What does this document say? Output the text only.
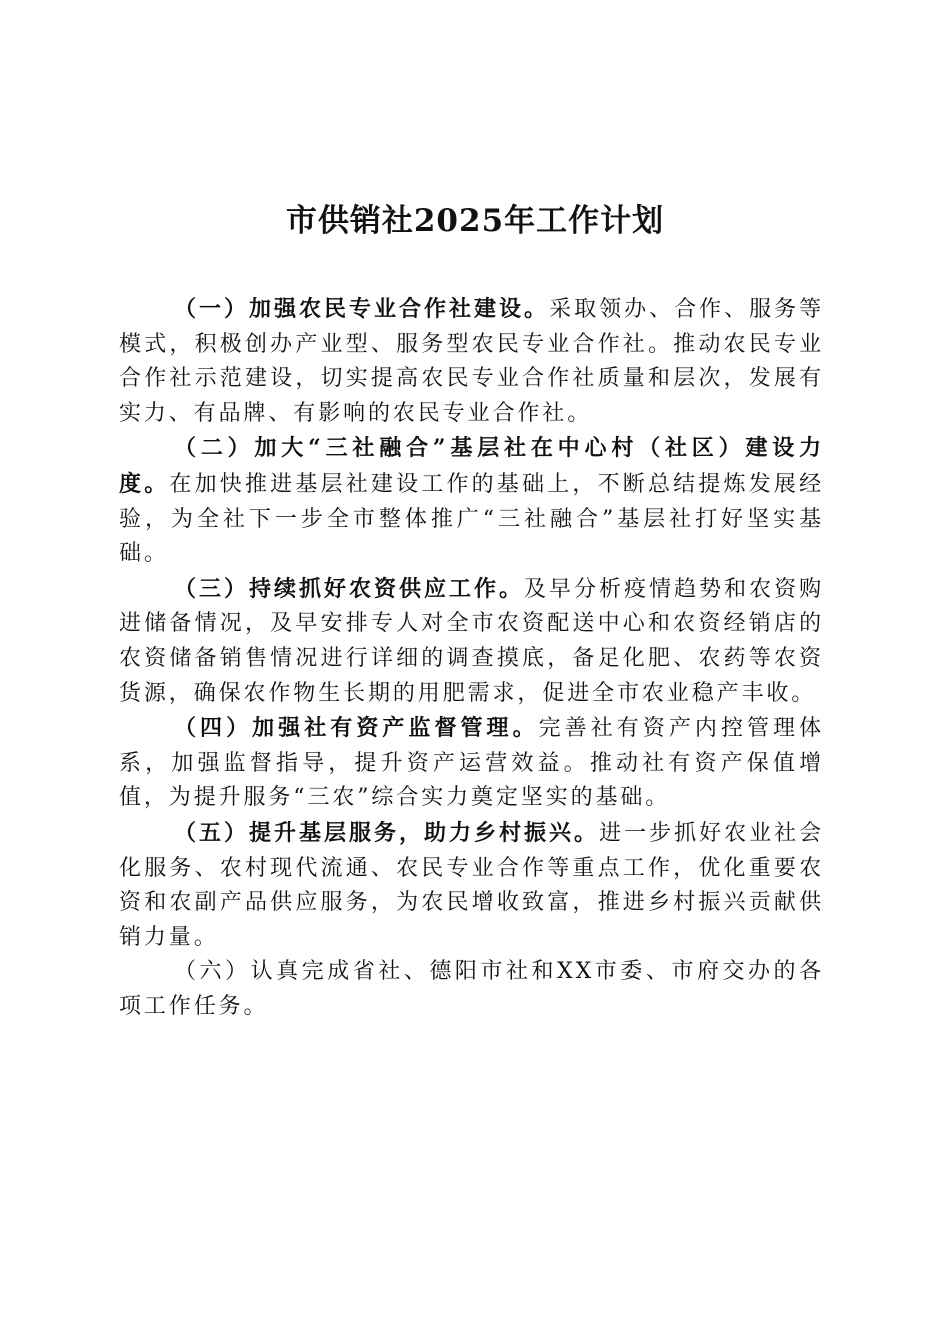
市供销社2025年工作计划

（一）加强农民专业合作社建设。采取领办、合作、服务等模式，积极创办产业型、服务型农民专业合作社。推动农民专业合作社示范建设，切实提高农民专业合作社质量和层次，发展有实力、有品牌、有影响的农民专业合作社。

（二）加大“三社融合”基层社在中心村（社区）建设力度。在加快推进基层社建设工作的基础上，不断总结提炼发展经验，为全社下一步全市整体推广“三社融合”基层社打好坚实基础。

（三）持续抓好农资供应工作。及早分析疫情趋势和农资购进储备情况，及早安排专人对全市农资配送中心和农资经销店的农资储备销售情况进行详细的调查摸底，备足化肥、农药等农资货源，确保农作物生长期的用肥需求，促进全市农业稳产丰收。

（四）加强社有资产监督管理。完善社有资产内控管理体系，加强监督指导，提升资产运营效益。推动社有资产保值增值，为提升服务“三农”综合实力奠定坚实的基础。

（五）提升基层服务，助力乡村振兴。进一步抓好农业社会化服务、农村现代流通、农民专业合作等重点工作，优化重要农资和农副产品供应服务，为农民增收致富，推进乡村振兴贡献供销力量。

（六）认真完成省社、德阳市社和XX市委、市府交办的各项工作任务。
